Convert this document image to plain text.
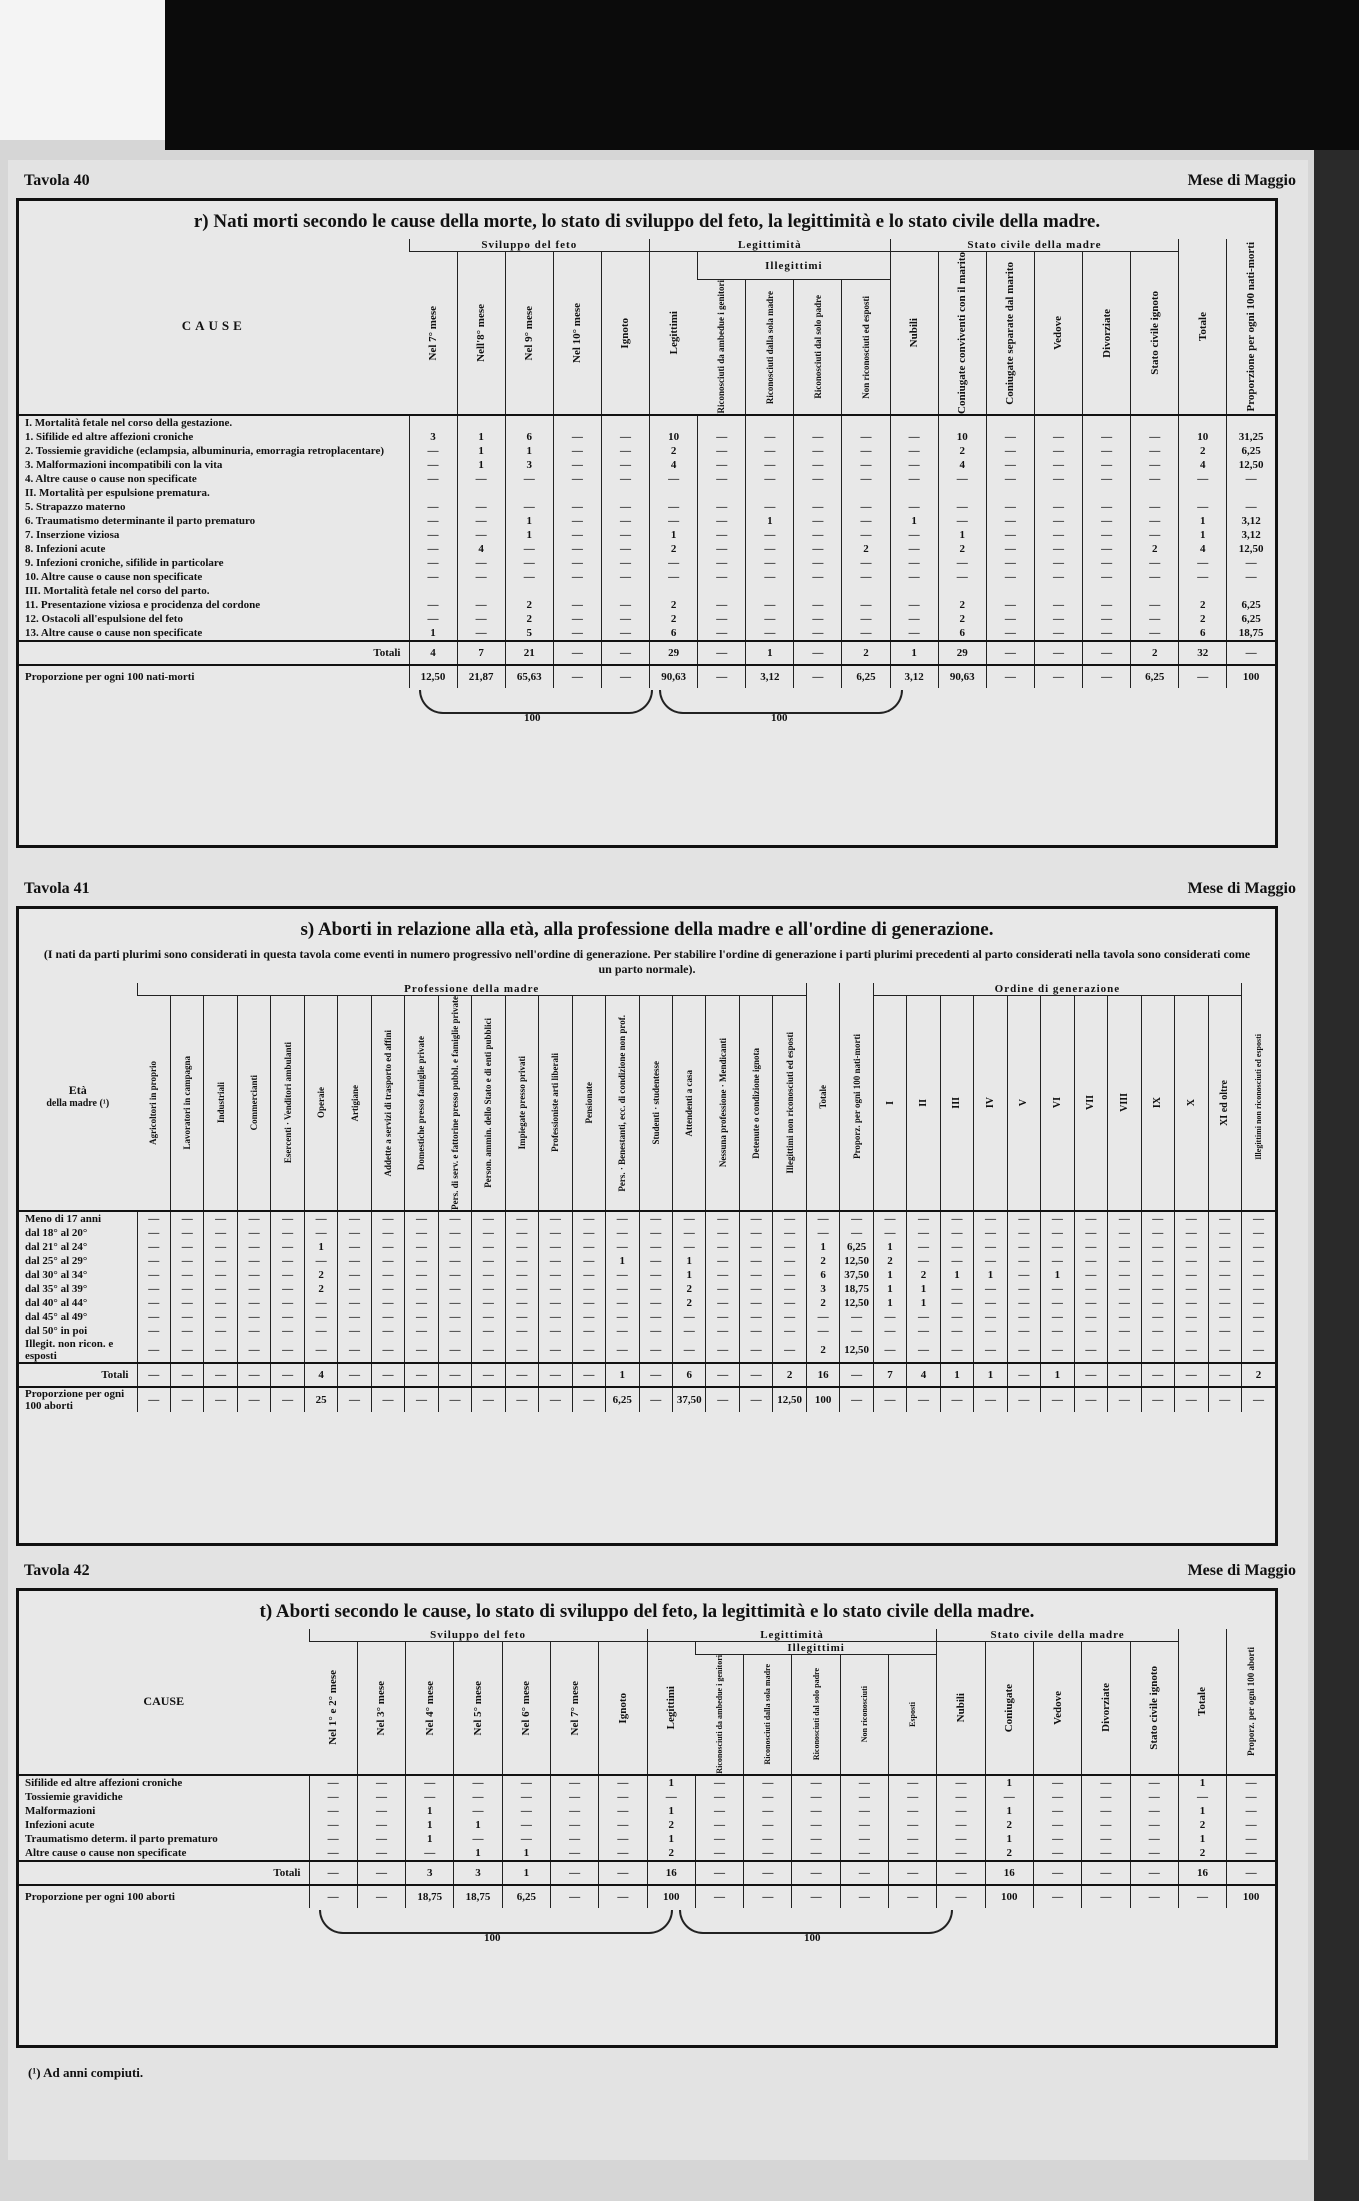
Tavola 40	Mese di Maggio
r) Nati morti secondo le cause della morte, lo stato di sviluppo del feto, la legittimità e lo stato civile della madre.
CAUSE	Sviluppo del feto					Legittimità					Stato civile della madre						Totale	Proporzione per ogni 100 nati-morti

	Nel 7° mese	Nell'8° mese	Nel 9° mese	Nel 10° mese	Ignoto	Legittimi	Illegittimi				Nubili	Coniugate conviventi con il marito	Coniugate separate dal marito	Vedove	Divorziate	Stato civile ignoto		

							Riconosciuti da ambedue i genitori	Riconosciuti dalla sola madre	Riconosciuti dal solo padre	Non riconosciuti ed esposti								

I. Mortalità fetale nel corso della gestazione.																		
1. Sifilide ed altre affezioni croniche	3	1	6	—	—	10	—	—	—	—	—	10	—	—	—	—	10	31,25
2. Tossiemie gravidiche (eclampsia, albuminuria, emorragia retroplacentare)	—	1	1	—	—	2	—	—	—	—	—	2	—	—	—	—	2	6,25
3. Malformazioni incompatibili con la vita	—	1	3	—	—	4	—	—	—	—	—	4	—	—	—	—	4	12,50
4. Altre cause o cause non specificate	—	—	—	—	—	—	—	—	—	—	—	—	—	—	—	—	—	—
II. Mortalità per espulsione prematura.																		
5. Strapazzo materno	—	—	—	—	—	—	—	—	—	—	—	—	—	—	—	—	—	—
6. Traumatismo determinante il parto prematuro	—	—	1	—	—	—	—	1	—	—	1	—	—	—	—	—	1	3,12
7. Inserzione viziosa	—	—	1	—	—	1	—	—	—	—	—	1	—	—	—	—	1	3,12
8. Infezioni acute	—	4	—	—	—	2	—	—	—	2	—	2	—	—	—	2	4	12,50
9. Infezioni croniche, sifilide in particolare	—	—	—	—	—	—	—	—	—	—	—	—	—	—	—	—	—	—
10. Altre cause o cause non specificate	—	—	—	—	—	—	—	—	—	—	—	—	—	—	—	—	—	—
III. Mortalità fetale nel corso del parto.																		
11. Presentazione viziosa e procidenza del cordone	—	—	2	—	—	2	—	—	—	—	—	2	—	—	—	—	2	6,25
12. Ostacoli all'espulsione del feto	—	—	2	—	—	2	—	—	—	—	—	2	—	—	—	—	2	6,25
13. Altre cause o cause non specificate	1	—	5	—	—	6	—	—	—	—	—	6	—	—	—	—	6	18,75
Totali	4	7	21	—	—	29	—	1	—	2	1	29	—	—	—	2	32	—
Proporzione per ogni 100 nati-morti	12,50	21,87	65,63	—	—	90,63	—	3,12	—	6,25	3,12	90,63	—	—	—	6,25	—	100
100	100
Tavola 41	Mese di Maggio
s) Aborti in relazione alla età, alla professione della madre e all'ordine di generazione.
(I nati da parti plurimi sono considerati in questa tavola come eventi in numero progressivo nell'ordine di generazione. Per stabilire l'ordine di generazione i parti plurimi precedenti al parto considerati nella tavola sono considerati come un parto normale).
Età
della madre (¹)	Professione della madre																				Totale	Proporz. per ogni 100 nati-morti	Ordine di generazione											Illegittimi non riconosciuti ed esposti

	Agricoltori in proprio	Lavoratori in campagna	Industriali	Commercianti	Esercenti · Venditori ambulanti	Operaie	Artigiane	Addette a servizi di trasporto ed affini	Domestiche presso famiglie private	Pers. di serv. e fattorine presso pubbl. e famiglie private	Person. ammin. dello Stato e di enti pubblici	Impiegate presso privati	Professioniste arti liberali	Pensionate	Pers. · Benestanti, ecc. di condizione non prof.	Studenti · studentesse	Attendenti a casa	Nessuna professione · Mendicanti	Detenute o condizione ignota	Illegittimi non riconosciuti ed esposti			I	II	III	IV	V	VI	VII	VIII	IX	X	XI ed oltre	

Meno di 17 anni	—	—	—	—	—	—	—	—	—	—	—	—	—	—	—	—	—	—	—	—	—	—	—	—	—	—	—	—	—	—	—	—	—	—
dal 18° al 20°	—	—	—	—	—	—	—	—	—	—	—	—	—	—	—	—	—	—	—	—	—	—	—	—	—	—	—	—	—	—	—	—	—	—
dal 21° al 24°	—	—	—	—	—	1	—	—	—	—	—	—	—	—	—	—	—	—	—	—	1	6,25	1	—	—	—	—	—	—	—	—	—	—	—
dal 25° al 29°	—	—	—	—	—	—	—	—	—	—	—	—	—	—	1	—	1	—	—	—	2	12,50	2	—	—	—	—	—	—	—	—	—	—	—
dal 30° al 34°	—	—	—	—	—	2	—	—	—	—	—	—	—	—	—	—	1	—	—	—	6	37,50	1	2	1	1	—	1	—	—	—	—	—	—
dal 35° al 39°	—	—	—	—	—	2	—	—	—	—	—	—	—	—	—	—	2	—	—	—	3	18,75	1	1	—	—	—	—	—	—	—	—	—	—
dal 40° al 44°	—	—	—	—	—	—	—	—	—	—	—	—	—	—	—	—	2	—	—	—	2	12,50	1	1	—	—	—	—	—	—	—	—	—	—
dal 45° al 49°	—	—	—	—	—	—	—	—	—	—	—	—	—	—	—	—	—	—	—	—	—	—	—	—	—	—	—	—	—	—	—	—	—	—
dal 50° in poi	—	—	—	—	—	—	—	—	—	—	—	—	—	—	—	—	—	—	—	—	—	—	—	—	—	—	—	—	—	—	—	—	—	—
Illegit. non ricon. e esposti	—	—	—	—	—	—	—	—	—	—	—	—	—	—	—	—	—	—	—	—	2	12,50	—	—	—	—	—	—	—	—	—	—	—	—
Totali	—	—	—	—	—	4	—	—	—	—	—	—	—	—	1	—	6	—	—	2	16	—	7	4	1	1	—	1	—	—	—	—	—	2
Proporzione per ogni 100 aborti	—	—	—	—	—	25	—	—	—	—	—	—	—	—	6,25	—	37,50	—	—	12,50	100	—	—	—	—	—	—	—	—	—	—	—	—	—
Tavola 42	Mese di Maggio
t) Aborti secondo le cause, lo stato di sviluppo del feto, la legittimità e lo stato civile della madre.
CAUSE	Sviluppo del feto							Legittimità						Stato civile della madre					Totale	Proporz. per ogni 100 aborti

	Nel 1° e 2° mese	Nel 3° mese	Nel 4° mese	Nel 5° mese	Nel 6° mese	Nel 7° mese	Ignoto	Legittimi	Illegittimi					Nubili	Coniugate	Vedove	Divorziate	Stato civile ignoto		

									Riconosciuti da ambedue i genitori	Riconosciuti dalla sola madre	Riconosciuti dal solo padre	Non riconosciuti	Esposti							

Sifilide ed altre affezioni croniche	—	—	—	—	—	—	—	1	—	—	—	—	—	—	1	—	—	—	1	—
Tossiemie gravidiche	—	—	—	—	—	—	—	—	—	—	—	—	—	—	—	—	—	—	—	—
Malformazioni	—	—	1	—	—	—	—	1	—	—	—	—	—	—	1	—	—	—	1	—
Infezioni acute	—	—	1	1	—	—	—	2	—	—	—	—	—	—	2	—	—	—	2	—
Traumatismo determ. il parto prematuro	—	—	1	—	—	—	—	1	—	—	—	—	—	—	1	—	—	—	1	—
Altre cause o cause non specificate	—	—	—	1	1	—	—	2	—	—	—	—	—	—	2	—	—	—	2	—
Totali	—	—	3	3	1	—	—	16	—	—	—	—	—	—	16	—	—	—	16	—
Proporzione per ogni 100 aborti	—	—	18,75	18,75	6,25	—	—	100	—	—	—	—	—	—	100	—	—	—	—	100
100	100
(¹) Ad anni compiuti.
